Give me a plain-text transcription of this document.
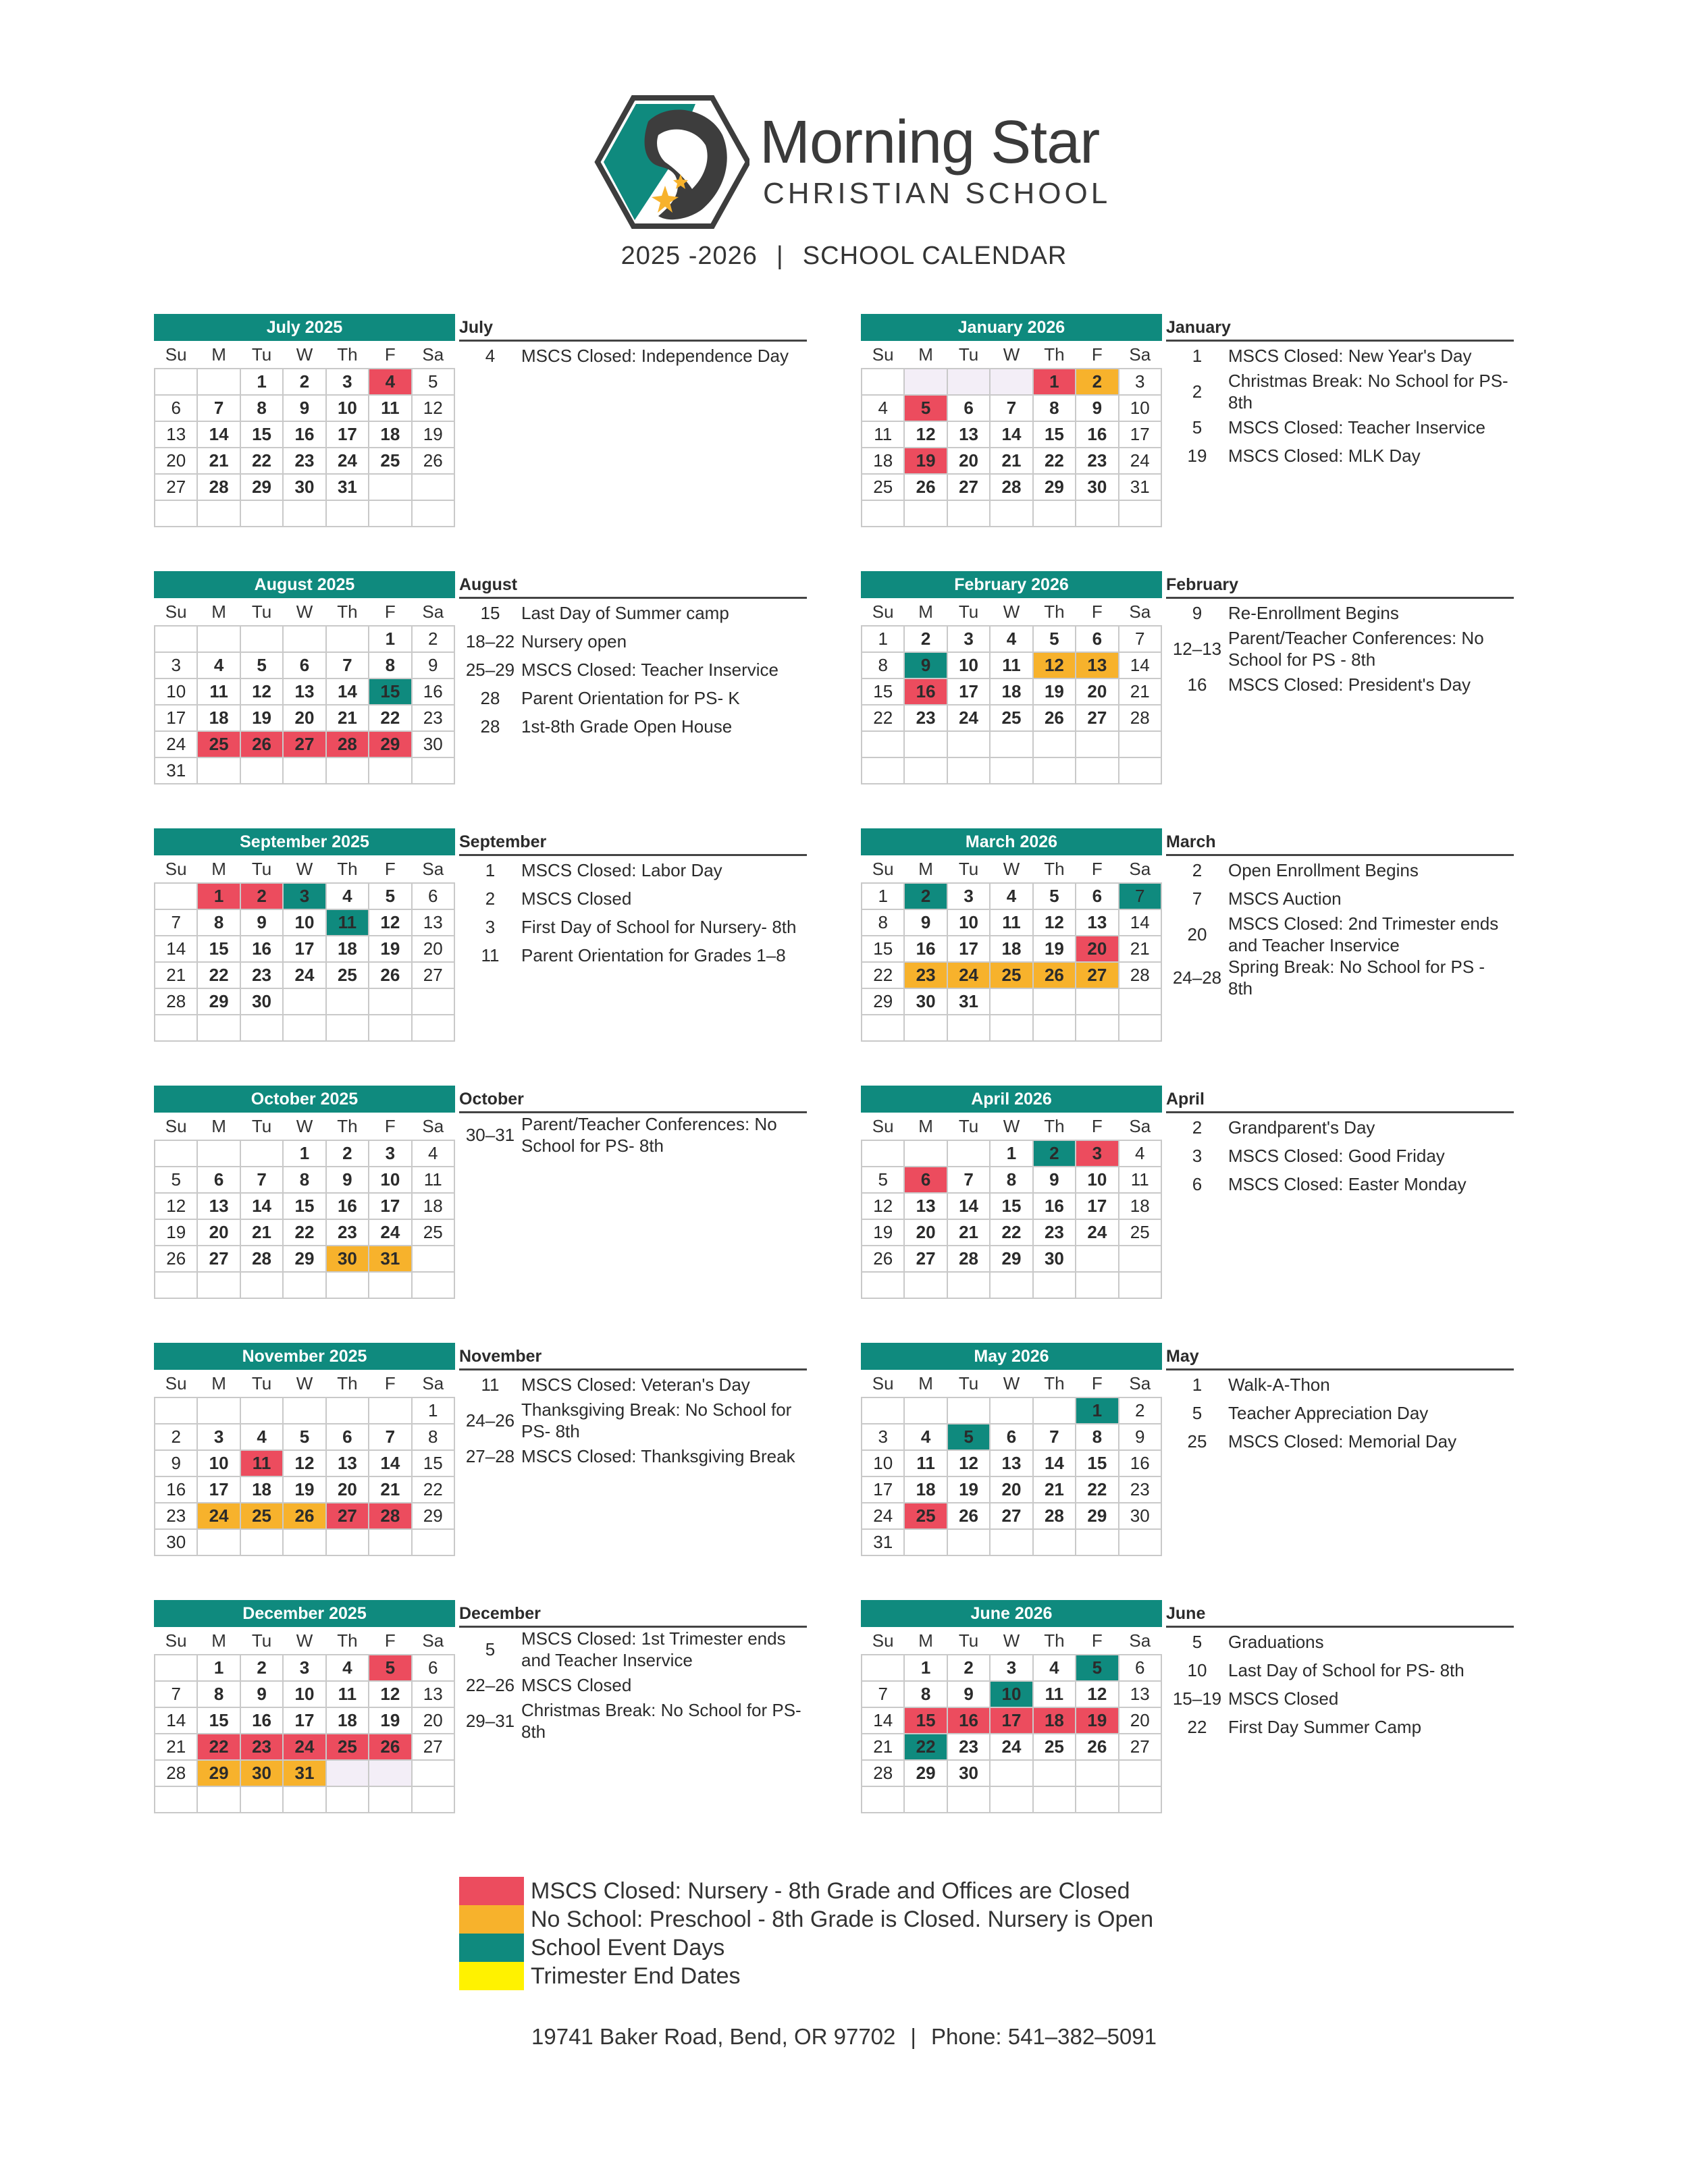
Morning Star
CHRISTIAN SCHOOL
2025 -2026 | SCHOOL CALENDAR
July 2025
Su	M	Tu	W	Th	F	Sa
		1	2	3	4	5
6	7	8	9	10	11	12
13	14	15	16	17	18	19
20	21	22	23	24	25	26
27	28	29	30	31		

July
4	MSCS Closed: Independence Day
August 2025
Su	M	Tu	W	Th	F	Sa
					1	2
3	4	5	6	7	8	9
10	11	12	13	14	15	16
17	18	19	20	21	22	23
24	25	26	27	28	29	30
31						
August
15	Last Day of Summer camp
18–22 Nursery open
25–29 MSCS Closed: Teacher Inservice
28	Parent Orientation for PS- K
28	1st-8th Grade Open House
September 2025
Su	M	Tu	W	Th	F	Sa
	1	2	3	4	5	6
7	8	9	10	11	12	13
14	15	16	17	18	19	20
21	22	23	24	25	26	27
28	29	30				

September
1	MSCS Closed: Labor Day
2	MSCS Closed
3	First Day of School for Nursery- 8th
11	Parent Orientation for Grades 1–8
October 2025
Su	M	Tu	W	Th	F	Sa
			1	2	3	4
5	6	7	8	9	10	11
12	13	14	15	16	17	18
19	20	21	22	23	24	25
26	27	28	29	30	31	

October
30–31
Parent/Teacher Conferences: No School for PS- 8th
November 2025
Su	M	Tu	W	Th	F	Sa
						1
2	3	4	5	6	7	8
9	10	11	12	13	14	15
16	17	18	19	20	21	22
23	24	25	26	27	28	29
30						
November
11	MSCS Closed: Veteran's Day
24–26
Thanksgiving Break: No School for PS- 8th
27–28 MSCS Closed: Thanksgiving Break
December 2025
Su	M	Tu	W	Th	F	Sa
	1	2	3	4	5	6
7	8	9	10	11	12	13
14	15	16	17	18	19	20
21	22	23	24	25	26	27
28	29	30	31			

December
5
MSCS Closed: 1st Trimester ends and Teacher Inservice
22–26 MSCS Closed
29–31
Christmas Break: No School for PS- 8th
January 2026
Su	M	Tu	W	Th	F	Sa
				1	2	3
4	5	6	7	8	9	10
11	12	13	14	15	16	17
18	19	20	21	22	23	24
25	26	27	28	29	30	31

January
1	MSCS Closed: New Year's Day
2
Christmas Break: No School for PS- 8th
5	MSCS Closed: Teacher Inservice
19	MSCS Closed: MLK Day
February 2026
Su	M	Tu	W	Th	F	Sa
1	2	3	4	5	6	7
8	9	10	11	12	13	14
15	16	17	18	19	20	21
22	23	24	25	26	27	28

February
9	Re-Enrollment Begins
12–13
Parent/Teacher Conferences: No School for PS - 8th
16	MSCS Closed: President's Day
March 2026
Su	M	Tu	W	Th	F	Sa
1	2	3	4	5	6	7
8	9	10	11	12	13	14
15	16	17	18	19	20	21
22	23	24	25	26	27	28
29	30	31				

March
2	Open Enrollment Begins
7	MSCS Auction
20
MSCS Closed: 2nd Trimester ends and Teacher Inservice
24–28
Spring Break: No School for PS - 8th
April 2026
Su	M	Tu	W	Th	F	Sa
			1	2	3	4
5	6	7	8	9	10	11
12	13	14	15	16	17	18
19	20	21	22	23	24	25
26	27	28	29	30		

April
2	Grandparent's Day
3	MSCS Closed: Good Friday
6	MSCS Closed: Easter Monday
May 2026
Su	M	Tu	W	Th	F	Sa
					1	2
3	4	5	6	7	8	9
10	11	12	13	14	15	16
17	18	19	20	21	22	23
24	25	26	27	28	29	30
31						
May
1	Walk-A-Thon
5	Teacher Appreciation Day
25	MSCS Closed: Memorial Day
June 2026
Su	M	Tu	W	Th	F	Sa
	1	2	3	4	5	6
7	8	9	10	11	12	13
14	15	16	17	18	19	20
21	22	23	24	25	26	27
28	29	30				

June
5	Graduations
10	Last Day of School for PS- 8th
15–19 MSCS Closed
22	First Day Summer Camp
MSCS Closed: Nursery - 8th Grade and Offices are Closed
No School: Preschool - 8th Grade is Closed. Nursery is Open
School Event Days
Trimester End Dates
19741 Baker Road, Bend, OR 97702 | Phone: 541–382–5091
